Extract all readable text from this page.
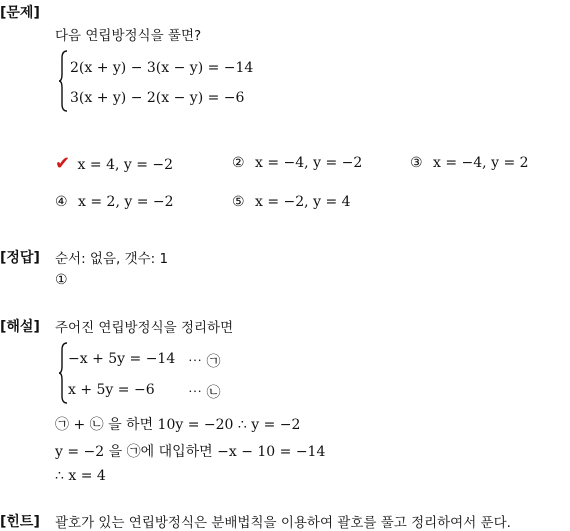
[문제]
다음 연립방정식을 풀면?
2(x + y) − 3(x − y) = −14
3(x + y) − 2(x − y) = −6
✔ x = 4, y = −2	② x = −4, y = −2	③ x = −4, y = 2
④ x = 2, y = −2	⑤ x = −2, y = 4
[정답] 순서: 없음, 갯수: 1
①
[해설] 주어진 연립방정식을 정리하면
−x + 5y = −14 ⋯ ㉠
x + 5y = −6 ⋯ ㉡
㉠ + ㉡ 을 하면 10y = −20 ∴ y = −2
y = −2 을 ㉠에 대입하면 −x − 10 = −14
∴ x = 4
[힌트] 괄호가 있는 연립방정식은 분배법칙을 이용하여 괄호를 풀고 정리하여서 푼다.
